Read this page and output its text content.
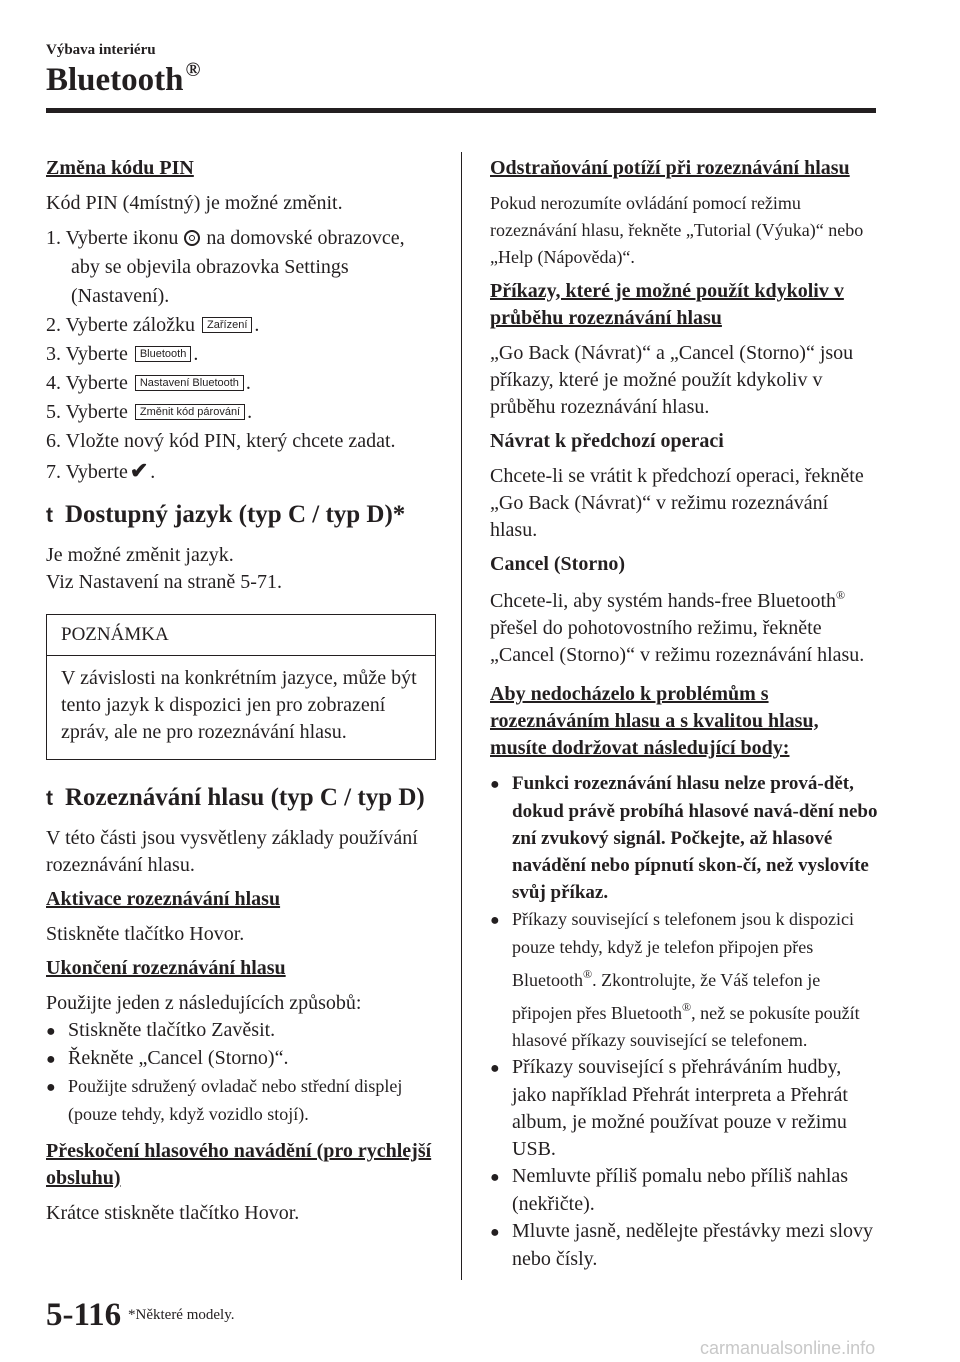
Výbava interiéru
Bluetooth ®
Změna kódu PIN

Kód PIN (4místný) je možné změnit.

1. Vyberte ikonu na domovské obrazovce, aby se objevila obrazovka Settings (Nastavení).
2. Vyberte záložku Zařízení .
3. Vyberte Bluetooth .
4. Vyberte Nastavení Bluetooth .
5. Vyberte Změnit kód párování .
6. Vložte nový kód PIN, který chcete zadat.
7. Vyberte✔ .
t Dostupný jazyk (typ C / typ D)*

Je možné změnit jazyk.

Viz Nastavení na straně 5-71.

POZNÁMKA
V závislosti na konkrétním jazyce, může být tento jazyk k dispozici jen pro zobrazení zpráv, ale ne pro rozeznávání hlasu.
t Rozeznávání hlasu (typ C / typ D)

V této části jsou vysvětleny základy používání rozeznávání hlasu.

Aktivace rozeznávání hlasu

Stiskněte tlačítko Hovor.

Ukončení rozeznávání hlasu

Použijte jeden z následujících způsobů:

● Stiskněte tlačítko Zavěsit.
● Řekněte „Cancel (Storno)“.
● Použijte sdružený ovladač nebo střední displej (pouze tehdy, když vozidlo stojí).
Přeskočení hlasového navádění (pro rychlejší obsluhu)

Krátce stiskněte tlačítko Hovor.

Odstraňování potíží při rozeznávání hlasu

Pokud nerozumíte ovládání pomocí režimu rozeznávání hlasu, řekněte „Tutorial (Výuka)“ nebo „Help (Nápověda)“.

Příkazy, které je možné použít kdykoliv v průběhu rozeznávání hlasu

„Go Back (Návrat)“ a „Cancel (Storno)“ jsou příkazy, které je možné použít kdykoliv v průběhu rozeznávání hlasu.

Návrat k předchozí operaci

Chcete-li se vrátit k předchozí operaci, řekněte „Go Back (Návrat)“ v režimu rozeznávání hlasu.

Cancel (Storno)

Chcete-li, aby systém hands-free Bluetooth® přešel do pohotovostního režimu, řekněte „Cancel (Storno)“ v režimu rozeznávání hlasu.

Aby nedocházelo k problémům s rozeznáváním hlasu a s kvalitou hlasu, musíte dodržovat následující body:
● Funkci rozeznávání hlasu nelze prová-dět, dokud právě probíhá hlasové navá-dění nebo zní zvukový signál. Počkejte, až hlasové navádění nebo pípnutí skon-čí, než vyslovíte svůj příkaz.
● Příkazy související s telefonem jsou k dispozici pouze tehdy, když je telefon připojen přes Bluetooth®. Zkontrolujte, že Váš telefon je připojen přes Bluetooth®, než se pokusíte použít hlasové příkazy související se telefonem.
● Příkazy související s přehráváním hudby, jako například Přehrát interpreta a Přehrát album, je možné používat pouze v režimu USB.
● Nemluvte příliš pomalu nebo příliš nahlas (nekřičte).
● Mluvte jasně, nedělejte přestávky mezi slovy nebo čísly.
5-116 *Některé modely.
carmanualsonline.info
